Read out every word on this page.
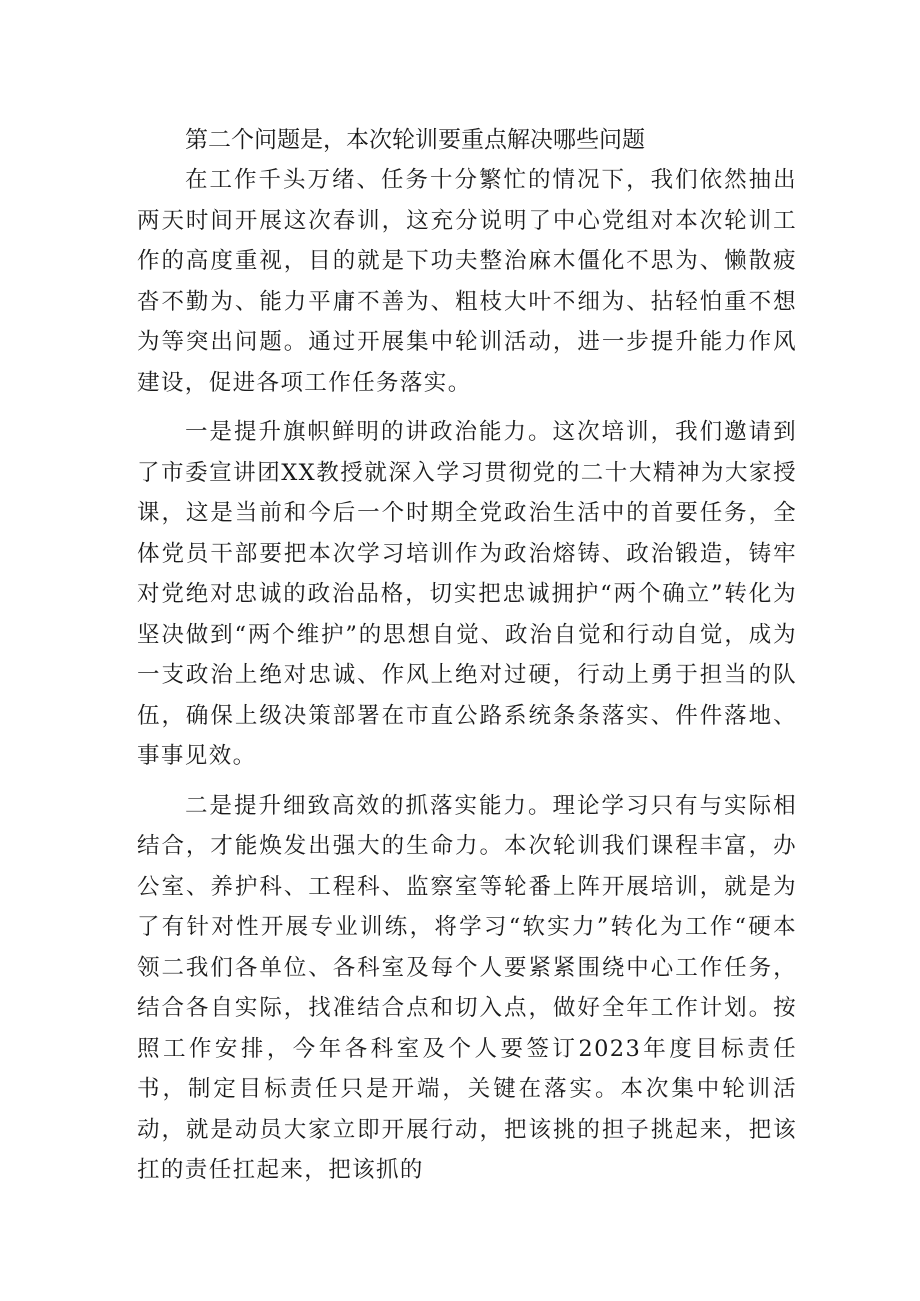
第二个问题是，本次轮训要重点解决哪些问题

在工作千头万绪、任务十分繁忙的情况下，我们依然抽出两天时间开展这次春训，这充分说明了中心党组对本次轮训工作的高度重视，目的就是下功夫整治麻木僵化不思为、懒散疲沓不勤为、能力平庸不善为、粗枝大叶不细为、拈轻怕重不想为等突出问题。通过开展集中轮训活动，进一步提升能力作风建设，促进各项工作任务落实。

一是提升旗帜鲜明的讲政治能力。这次培训，我们邀请到了市委宣讲团XX教授就深入学习贯彻党的二十大精神为大家授课，这是当前和今后一个时期全党政治生活中的首要任务，全体党员干部要把本次学习培训作为政治熔铸、政治锻造，铸牢对党绝对忠诚的政治品格，切实把忠诚拥护“两个确立”转化为坚决做到“两个维护”的思想自觉、政治自觉和行动自觉，成为一支政治上绝对忠诚、作风上绝对过硬，行动上勇于担当的队伍，确保上级决策部署在市直公路系统条条落实、件件落地、事事见效。

二是提升细致高效的抓落实能力。理论学习只有与实际相结合，才能焕发出强大的生命力。本次轮训我们课程丰富，办公室、养护科、工程科、监察室等轮番上阵开展培训，就是为了有针对性开展专业训练，将学习“软实力”转化为工作“硬本领二我们各单位、各科室及每个人要紧紧围绕中心工作任务，结合各自实际，找准结合点和切入点，做好全年工作计划。按照工作安排，今年各科室及个人要签订2023年度目标责任书，制定目标责任只是开端，关键在落实。本次集中轮训活动，就是动员大家立即开展行动，把该挑的担子挑起来，把该扛的责任扛起来，把该抓的
